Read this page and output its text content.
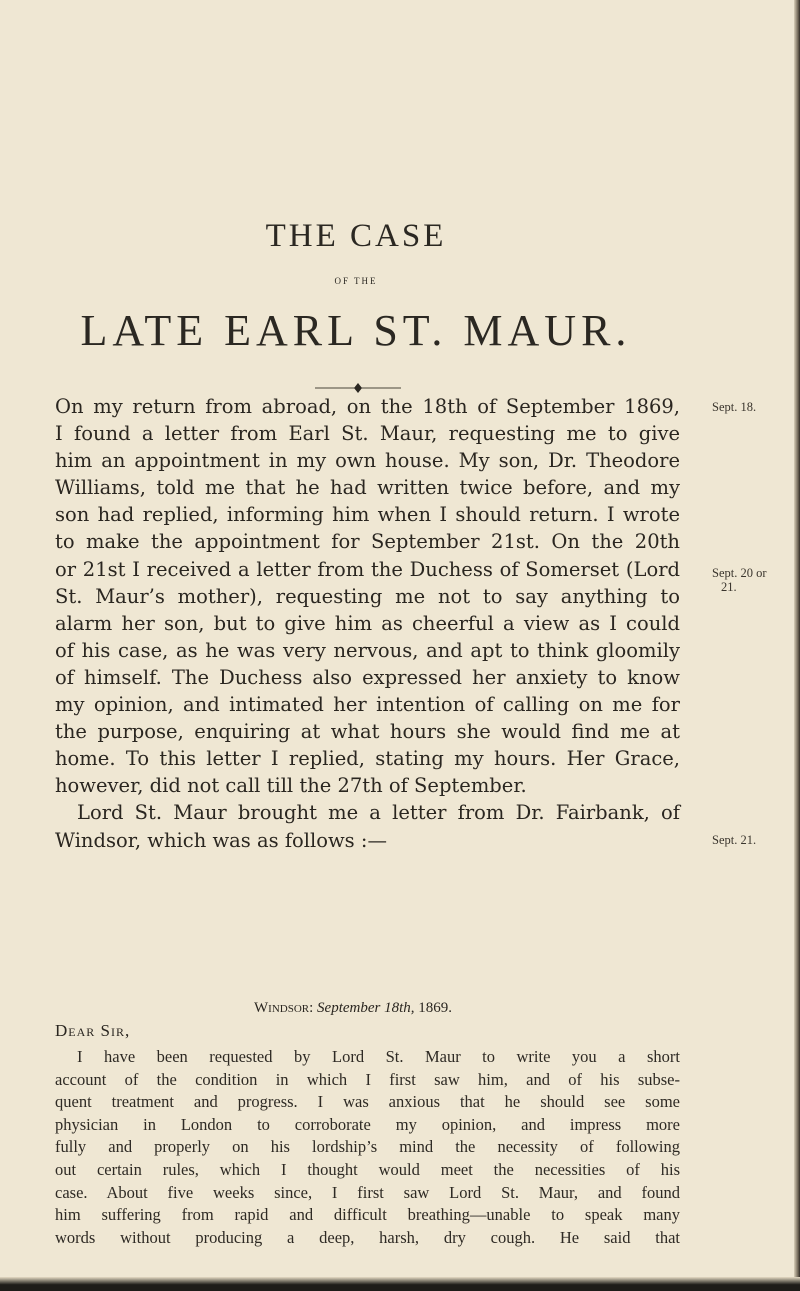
THE CASE
OF THE
LATE EARL ST. MAUR.
On my return from abroad, on the 18th of September 1869,
I found a letter from Earl St. Maur, requesting me to give
him an appointment in my own house. My son, Dr. Theodore
Williams, told me that he had written twice before, and my
son had replied, informing him when I should return. I wrote
to make the appointment for September 21st. On the 20th
or 21st I received a letter from the Duchess of Somerset (Lord
St. Maur’s mother), requesting me not to say anything to
alarm her son, but to give him as cheerful a view as I could
of his case, as he was very nervous, and apt to think gloomily
of himself. The Duchess also expressed her anxiety to know
my opinion, and intimated her intention of calling on me for
the purpose, enquiring at what hours she would find me at
home. To this letter I replied, stating my hours. Her Grace,
however, did not call till the 27th of September.
Lord St. Maur brought me a letter from Dr. Fairbank, of
Windsor, which was as follows :—
Sept. 18.
Sept. 20 or
21.
Sept. 21.
Windsor: September 18th, 1869.
Dear Sir,
I have been requested by Lord St. Maur to write you a short
account of the condition in which I first saw him, and of his subse-
quent treatment and progress. I was anxious that he should see some
physician in London to corroborate my opinion, and impress more
fully and properly on his lordship’s mind the necessity of following
out certain rules, which I thought would meet the necessities of his
case. About five weeks since, I first saw Lord St. Maur, and found
him suffering from rapid and difficult breathing—unable to speak many
words without producing a deep, harsh, dry cough. He said that
